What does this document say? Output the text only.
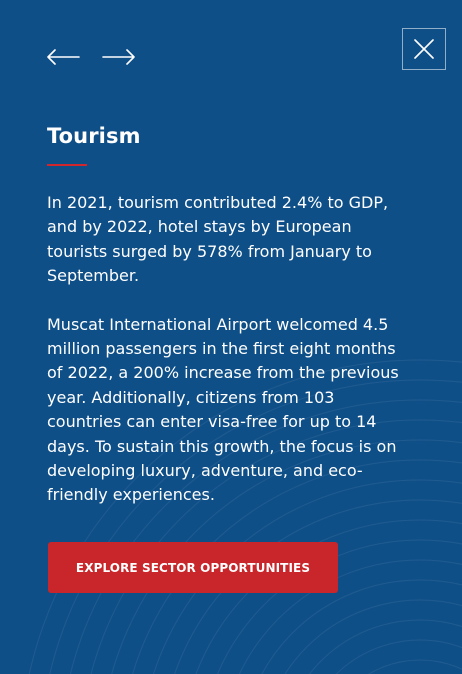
Tourism

In 2021, tourism contributed 2.4% to GDP, and by 2022, hotel stays by European tourists surged by 578% from January to September.

Muscat International Airport welcomed 4.5 million passengers in the first eight months of 2022, a 200% increase from the previous year. Additionally, citizens from 103 countries can enter visa-free for up to 14 days. To sustain this growth, the focus is on developing luxury, adventure, and eco-friendly experiences.

EXPLORE SECTOR OPPORTUNITIES
